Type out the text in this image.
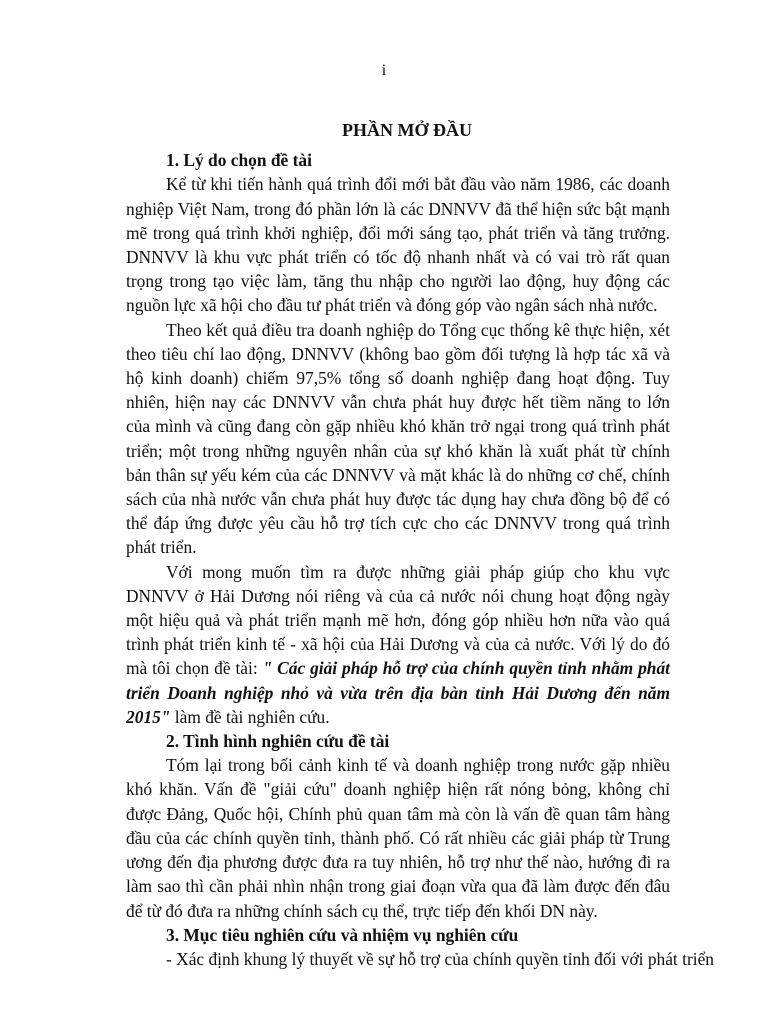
i

PHẦN MỞ ĐẦU

1. Lý do chọn đề tài

Kể từ khi tiến hành quá trình đổi mới bắt đầu vào năm 1986, các doanh nghiệp Việt Nam, trong đó phần lớn là các DNNVV đã thể hiện sức bật mạnh mẽ trong quá trình khởi nghiệp, đổi mới sáng tạo, phát triển và tăng trưởng. DNNVV là khu vực phát triển có tốc độ nhanh nhất và có vai trò rất quan trọng trong tạo việc làm, tăng thu nhập cho người lao động, huy động các nguồn lực xã hội cho đầu tư phát triển và đóng góp vào ngân sách nhà nước.

Theo kết quả điều tra doanh nghiệp do Tổng cục thống kê thực hiện, xét theo tiêu chí lao động, DNNVV (không bao gồm đối tượng là hợp tác xã và hộ kinh doanh) chiếm 97,5% tổng số doanh nghiệp đang hoạt động. Tuy nhiên, hiện nay các DNNVV vẫn chưa phát huy được hết tiềm năng to lớn của mình và cũng đang còn gặp nhiều khó khăn trở ngại trong quá trình phát triển; một trong những nguyên nhân của sự khó khăn là xuất phát từ chính bản thân sự yếu kém của các DNNVV và mặt khác là do những cơ chế, chính sách của nhà nước vẫn chưa phát huy được tác dụng hay chưa đồng bộ để có thể đáp ứng được yêu cầu hỗ trợ tích cực cho các DNNVV trong quá trình phát triển.

Với mong muốn tìm ra được những giải pháp giúp cho khu vực DNNVV ở Hải Dương nói riêng và của cả nước nói chung hoạt động ngày một hiệu quả và phát triển mạnh mẽ hơn, đóng góp nhiều hơn nữa vào quá trình phát triển kinh tế - xã hội của Hải Dương và của cả nước. Với lý do đó mà tôi chọn đề tài: " Các giải pháp hỗ trợ của chính quyền tỉnh nhằm phát triển Doanh nghiệp nhỏ và vừa trên địa bàn tỉnh Hải Dương đến năm 2015" làm đề tài nghiên cứu.

2. Tình hình nghiên cứu đề tài

Tóm lại trong bối cảnh kinh tế và doanh nghiệp trong nước gặp nhiều khó khăn. Vấn đề "giải cứu" doanh nghiệp hiện rất nóng bỏng, không chỉ được Đảng, Quốc hội, Chính phủ quan tâm mà còn là vấn đề quan tâm hàng đầu của các chính quyền tỉnh, thành phố. Có rất nhiều các giải pháp từ Trung ương đến địa phương được đưa ra tuy nhiên, hỗ trợ như thế nào, hướng đi ra làm sao thì cần phải nhìn nhận trong giai đoạn vừa qua đã làm được đến đâu để từ đó đưa ra những chính sách cụ thể, trực tiếp đến khối DN này.

3. Mục tiêu nghiên cứu và nhiệm vụ nghiên cứu

- Xác định khung lý thuyết về sự hỗ trợ của chính quyền tỉnh đối với phát triển
